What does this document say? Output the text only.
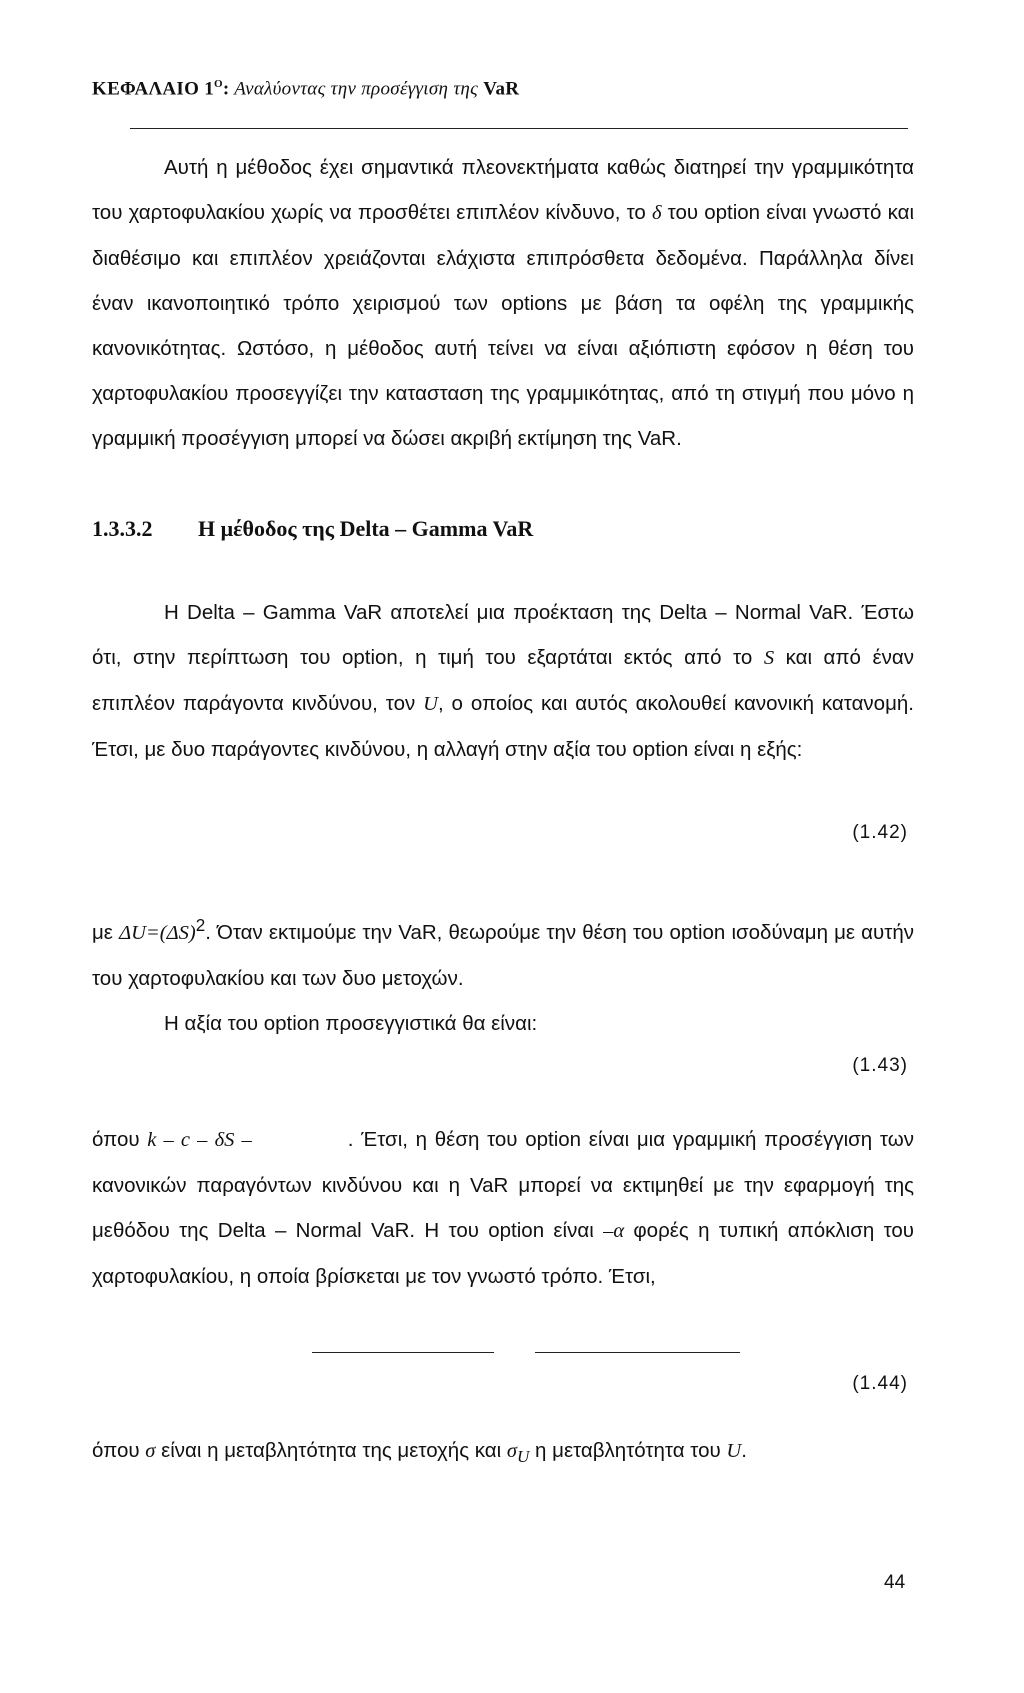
ΚΕΦΑΛΑΙΟ $1^O$: Αναλύοντας την προσέγγιση της VaR

Αυτή η μέθοδος έχει σημαντικά πλεονεκτήματα καθώς διατηρεί την γραμμικότητα του χαρτοφυλακίου χωρίς να προσθέτει επιπλέον κίνδυνο, το δ του option είναι γνωστό και διαθέσιμο και επιπλέον χρειάζονται ελάχιστα επιπρόσθετα δεδομένα. Παράλληλα δίνει έναν ικανοποιητικό τρόπο χειρισμού των options με βάση τα οφέλη της γραμμικής κανονικότητας. Ωστόσο, η μέθοδος αυτή τείνει να είναι αξιόπιστη εφόσον η θέση του χαρτοφυλακίου προσεγγίζει την κατασταση της γραμμικότητας, από τη στιγμή που μόνο η γραμμική προσέγγιση μπορεί να δώσει ακριβή εκτίμηση της VaR.

1.3.3.2 Η μέθοδος της Delta – Gamma VaR

Η Delta – Gamma VaR αποτελεί μια προέκταση της Delta – Normal VaR. Έστω ότι, στην περίπτωση του option, η τιμή του εξαρτάται εκτός από το S και από έναν επιπλέον παράγοντα κινδύνου, τον U, ο οποίος και αυτός ακολουθεί κανονική κατανομή. Έτσι, με δυο παράγοντες κινδύνου, η αλλαγή στην αξία του option είναι η εξής:

(1.42)

με $\Delta U=(\Delta S)^2$. Όταν εκτιμούμε την VaR, θεωρούμε την θέση του option ισοδύναμη με αυτήν του χαρτοφυλακίου και των δυο μετοχών.
Η αξία του option προσεγγιστικά θα είναι:

(1.43)

όπου k – c – δS –	. Έτσι, η θέση του option είναι μια γραμμική προσέγγιση των κανονικών παραγόντων κινδύνου και η VaR μπορεί να εκτιμηθεί με την εφαρμογή της μεθόδου της Delta – Normal VaR. Η του option είναι –α φορές η τυπική απόκλιση του χαρτοφυλακίου, η οποία βρίσκεται με τον γνωστό τρόπο. Έτσι,

(1.44)

όπου σ είναι η μεταβλητότητα της μετοχής και $\sigma_U$ η μεταβλητότητα του U.

44
